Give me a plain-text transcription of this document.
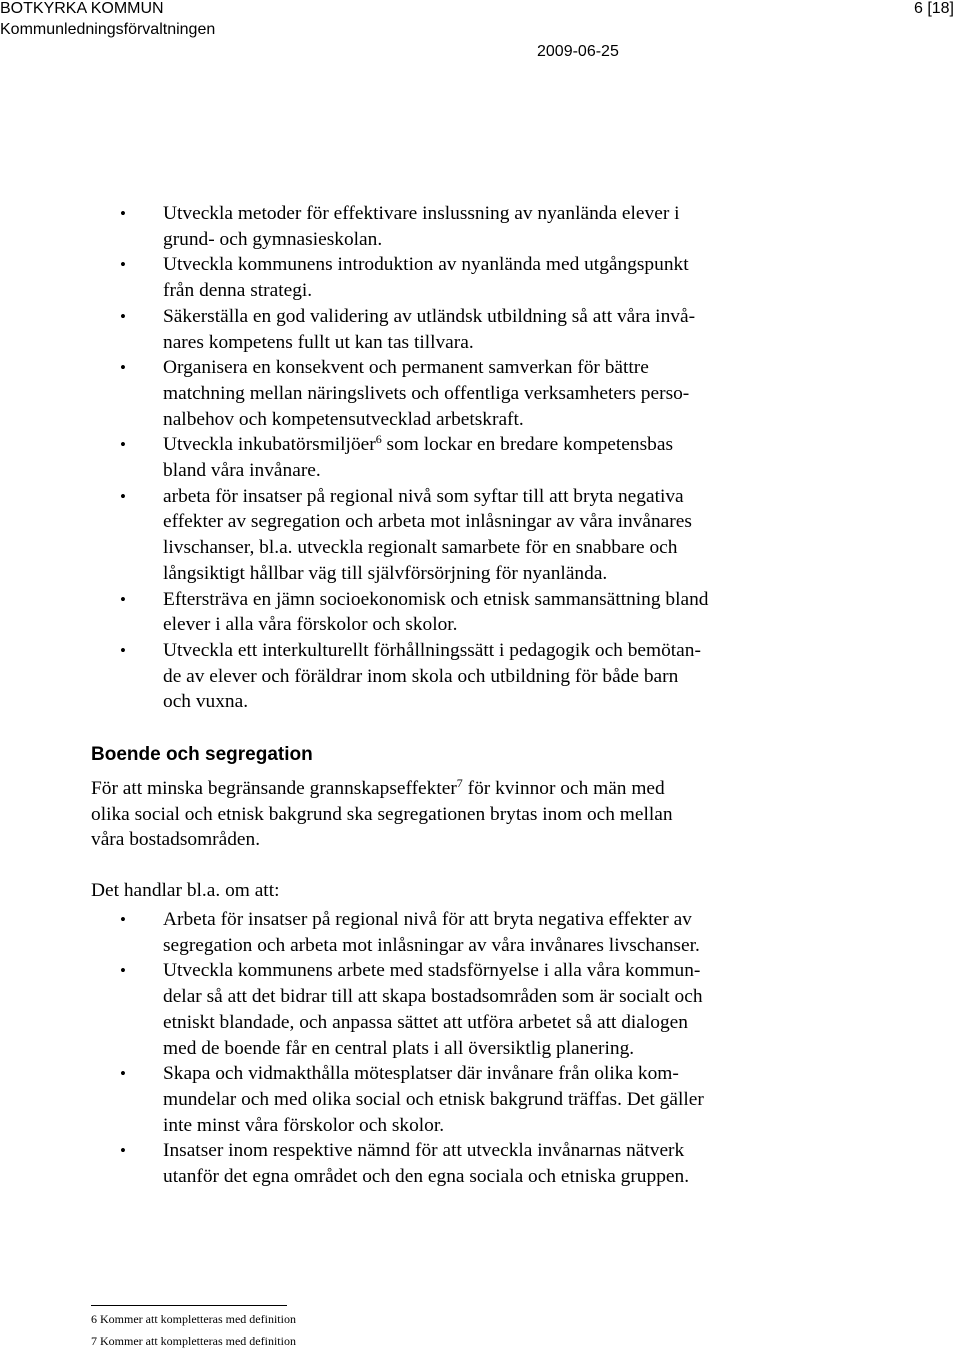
BOTKYRKA KOMMUN
Kommunledningsförvaltningen
6 [18]
2009-06-25
• Utveckla metoder för effektivare inslussning av nyanlända elever i
grund- och gymnasieskolan.
• Utveckla kommunens introduktion av nyanlända med utgångspunkt
från denna strategi.
• Säkerställa en god validering av utländsk utbildning så att våra invå-
nares kompetens fullt ut kan tas tillvara.
• Organisera en konsekvent och permanent samverkan för bättre
matchning mellan näringslivets och offentliga verksamheters perso-
nalbehov och kompetensutvecklad arbetskraft.
• Utveckla inkubatörsmiljöer$^6$ som lockar en bredare kompetensbas
bland våra invånare.
• arbeta för insatser på regional nivå som syftar till att bryta negativa
effekter av segregation och arbeta mot inlåsningar av våra invånares
livschanser, bl.a. utveckla regionalt samarbete för en snabbare och
långsiktigt hållbar väg till självförsörjning för nyanlända.
• Eftersträva en jämn socioekonomisk och etnisk sammansättning bland
elever i alla våra förskolor och skolor.
• Utveckla ett interkulturellt förhållningssätt i pedagogik och bemötan-
de av elever och föräldrar inom skola och utbildning för både barn
och vuxna.
Boende och segregation
För att minska begränsande grannskapseffekter$^7$ för kvinnor och män med
olika social och etnisk bakgrund ska segregationen brytas inom och mellan
våra bostadsområden.
Det handlar bl.a. om att:
• Arbeta för insatser på regional nivå för att bryta negativa effekter av
segregation och arbeta mot inlåsningar av våra invånares livschanser.
• Utveckla kommunens arbete med stadsförnyelse i alla våra kommun-
delar så att det bidrar till att skapa bostadsområden som är socialt och
etniskt blandade, och anpassa sättet att utföra arbetet så att dialogen
med de boende får en central plats i all översiktlig planering.
• Skapa och vidmakthålla mötesplatser där invånare från olika kom-
mundelar och med olika social och etnisk bakgrund träffas. Det gäller
inte minst våra förskolor och skolor.
• Insatser inom respektive nämnd för att utveckla invånarnas nätverk
utanför det egna området och den egna sociala och etniska gruppen.
6 Kommer att kompletteras med definition
7 Kommer att kompletteras med definition
